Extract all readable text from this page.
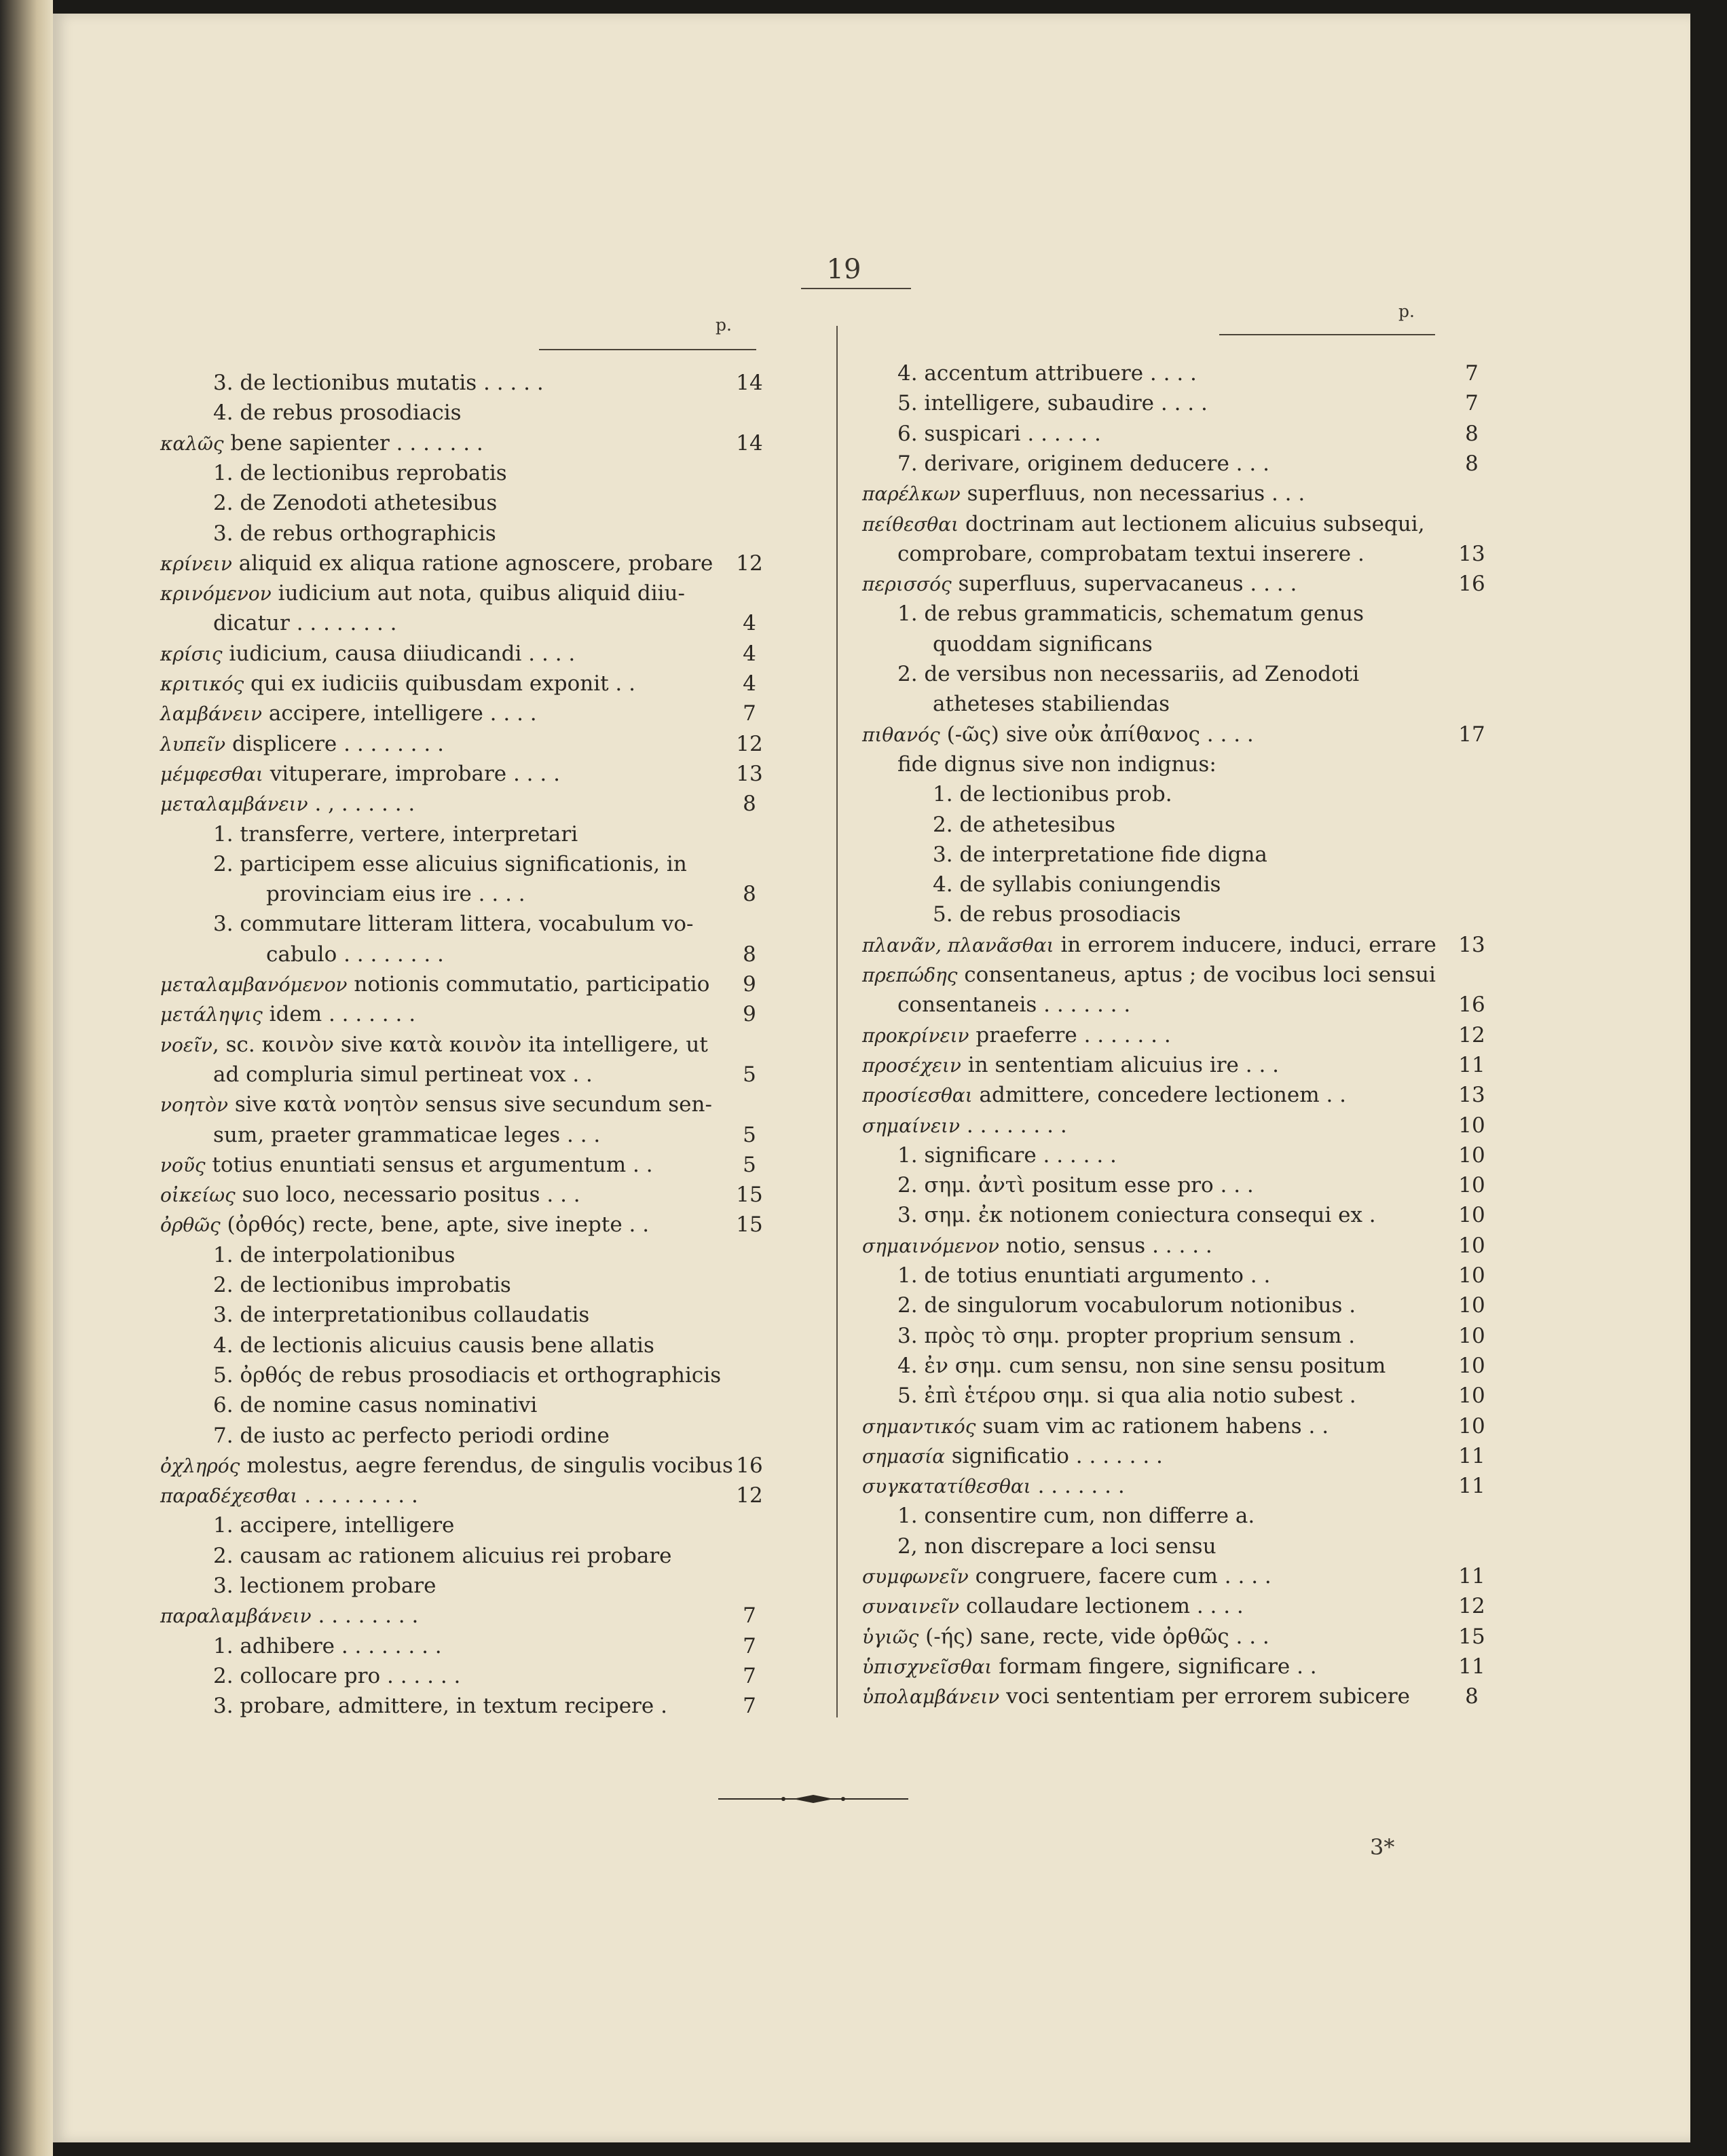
19
p.
p.
3. de lectionibus mutatis . . . . .	14
4. de rebus prosodiacis
καλῶς bene sapienter . . . . . . .	14
1. de lectionibus reprobatis
2. de Zenodoti athetesibus
3. de rebus orthographicis
κρίνειν aliquid ex aliqua ratione agnoscere, probare	12
κρινόμενον iudicium aut nota, quibus aliquid diiu-
dicatur . . . . . . . .	4
κρίσις iudicium, causa diiudicandi . . . .	4
κριτικός qui ex iudiciis quibusdam exponit . .	4
λαμβάνειν accipere, intelligere . . . .	7
λυπεῖν displicere . . . . . . . .	12
μέμφεσθαι vituperare, improbare . . . .	13
μεταλαμβάνειν . , . . . . . .	8
1. transferre, vertere, interpretari
2. participem esse alicuius significationis, in
provinciam eius ire . . . .	8
3. commutare litteram littera, vocabulum vo-
cabulo . . . . . . . .	8
μεταλαμβανόμενον notionis commutatio, participatio	9
μετάληψις idem . . . . . . .	9
νοεῖν, sc. κοινὸν sive κατὰ κοινὸν ita intelligere, ut
ad compluria simul pertineat vox . .	5
νοητὸν sive κατὰ νοητὸν sensus sive secundum sen-
sum, praeter grammaticae leges . . .	5
νοῦς totius enuntiati sensus et argumentum . .	5
οἰκείως suo loco, necessario positus . . .	15
ὀρθῶς (ὀρθός) recte, bene, apte, sive inepte . .	15
1. de interpolationibus
2. de lectionibus improbatis
3. de interpretationibus collaudatis
4. de lectionis alicuius causis bene allatis
5. ὀρθός de rebus prosodiacis et orthographicis
6. de nomine casus nominativi
7. de iusto ac perfecto periodi ordine
ὀχληρός molestus, aegre ferendus, de singulis vocibus 16
παραδέχεσθαι . . . . . . . . .	12
1. accipere, intelligere
2. causam ac rationem alicuius rei probare
3. lectionem probare
παραλαμβάνειν . . . . . . . .	7
1. adhibere . . . . . . . .	7
2. collocare pro . . . . . .	7
3. probare, admittere, in textum recipere .	7
4. accentum attribuere . . . .	7
5. intelligere, subaudire . . . .	7
6. suspicari . . . . . .	8
7. derivare, originem deducere . . .	8
παρέλκων superfluus, non necessarius . . .
πείθεσθαι doctrinam aut lectionem alicuius subsequi,
comprobare, comprobatam textui inserere .	13
περισσός superfluus, supervacaneus . . . .	16
1. de rebus grammaticis, schematum genus
quoddam significans
2. de versibus non necessariis, ad Zenodoti
atheteses stabiliendas
πιθανός (-ῶς) sive οὐκ ἀπίθανος . . . .	17
fide dignus sive non indignus:
1. de lectionibus prob.
2. de athetesibus
3. de interpretatione fide digna
4. de syllabis coniungendis
5. de rebus prosodiacis
πλανᾶν, πλανᾶσθαι in errorem inducere, induci, errare	13
πρεπώδης consentaneus, aptus ; de vocibus loci sensui
consentaneis . . . . . . .	16
προκρίνειν praeferre . . . . . . .	12
προσέχειν in sententiam alicuius ire . . .	11
προσίεσθαι admittere, concedere lectionem . .	13
σημαίνειν . . . . . . . .	10
1. significare . . . . . .	10
2. σημ. ἀντὶ positum esse pro . . .	10
3. σημ. ἐκ notionem coniectura consequi ex .	10
σημαινόμενον notio, sensus . . . . .	10
1. de totius enuntiati argumento . .	10
2. de singulorum vocabulorum notionibus .	10
3. πρὸς τὸ σημ. propter proprium sensum .	10
4. ἐν σημ. cum sensu, non sine sensu positum	10
5. ἐπὶ ἑτέρου σημ. si qua alia notio subest .	10
σημαντικός suam vim ac rationem habens . .	10
σημασία significatio . . . . . . .	11
συγκατατίθεσθαι . . . . . . .	11
1. consentire cum, non differre a.
2, non discrepare a loci sensu
συμφωνεῖν congruere, facere cum . . . .	11
συναινεῖν collaudare lectionem . . . .	12
ὑγιῶς (-ής) sane, recte, vide ὀρθῶς . . .	15
ὑπισχνεῖσθαι formam fingere, significare . .	11
ὑπολαμβάνειν voci sententiam per errorem subicere	8
3*
